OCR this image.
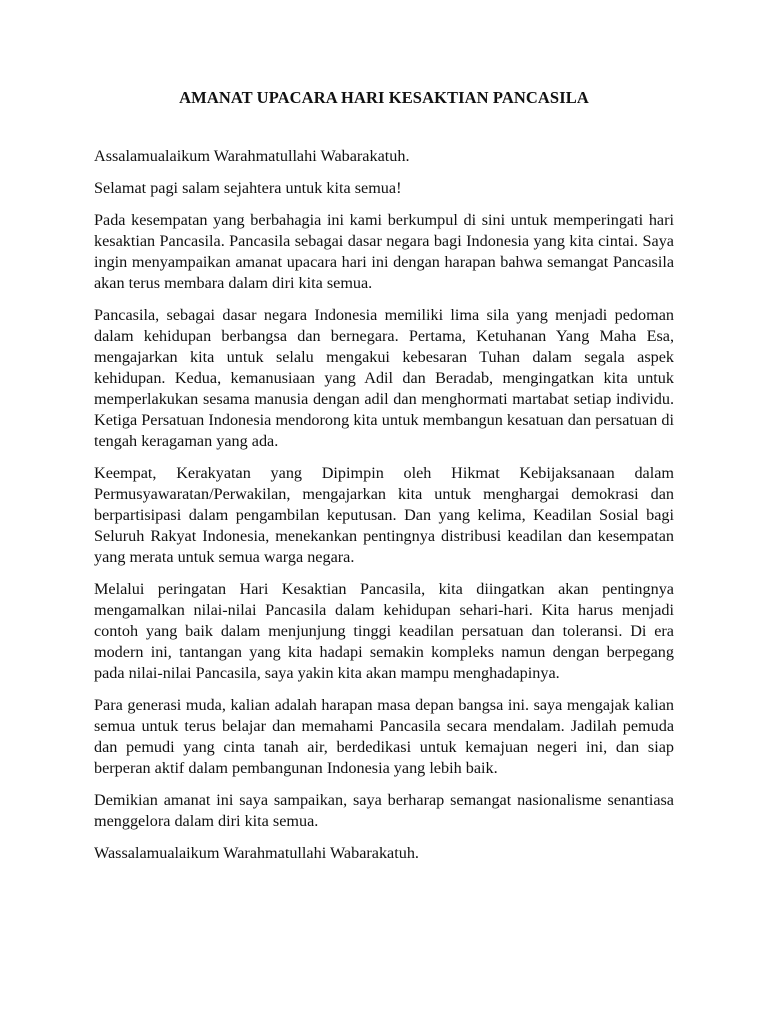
AMANAT UPACARA HARI KESAKTIAN PANCASILA

Assalamualaikum Warahmatullahi Wabarakatuh.

Selamat pagi salam sejahtera untuk kita semua!

Pada kesempatan yang berbahagia ini kami berkumpul di sini untuk memperingati hari kesaktian Pancasila. Pancasila sebagai dasar negara bagi Indonesia yang kita cintai. Saya ingin menyampaikan amanat upacara hari ini dengan harapan bahwa semangat Pancasila akan terus membara dalam diri kita semua.

Pancasila, sebagai dasar negara Indonesia memiliki lima sila yang menjadi pedoman dalam kehidupan berbangsa dan bernegara. Pertama, Ketuhanan Yang Maha Esa, mengajarkan kita untuk selalu mengakui kebesaran Tuhan dalam segala aspek kehidupan. Kedua, kemanusiaan yang Adil dan Beradab, mengingatkan kita untuk memperlakukan sesama manusia dengan adil dan menghormati martabat setiap individu. Ketiga Persatuan Indonesia mendorong kita untuk membangun kesatuan dan persatuan di tengah keragaman yang ada.

Keempat, Kerakyatan yang Dipimpin oleh Hikmat Kebijaksanaan dalam Permusyawaratan/Perwakilan, mengajarkan kita untuk menghargai demokrasi dan berpartisipasi dalam pengambilan keputusan. Dan yang kelima, Keadilan Sosial bagi Seluruh Rakyat Indonesia, menekankan pentingnya distribusi keadilan dan kesempatan yang merata untuk semua warga negara.

Melalui peringatan Hari Kesaktian Pancasila, kita diingatkan akan pentingnya mengamalkan nilai-nilai Pancasila dalam kehidupan sehari-hari. Kita harus menjadi contoh yang baik dalam menjunjung tinggi keadilan persatuan dan toleransi. Di era modern ini, tantangan yang kita hadapi semakin kompleks namun dengan berpegang pada nilai-nilai Pancasila, saya yakin kita akan mampu menghadapinya.

Para generasi muda, kalian adalah harapan masa depan bangsa ini. saya mengajak kalian semua untuk terus belajar dan memahami Pancasila secara mendalam. Jadilah pemuda dan pemudi yang cinta tanah air, berdedikasi untuk kemajuan negeri ini, dan siap berperan aktif dalam pembangunan Indonesia yang lebih baik.

Demikian amanat ini saya sampaikan, saya berharap semangat nasionalisme senantiasa menggelora dalam diri kita semua.

Wassalamualaikum Warahmatullahi Wabarakatuh.
